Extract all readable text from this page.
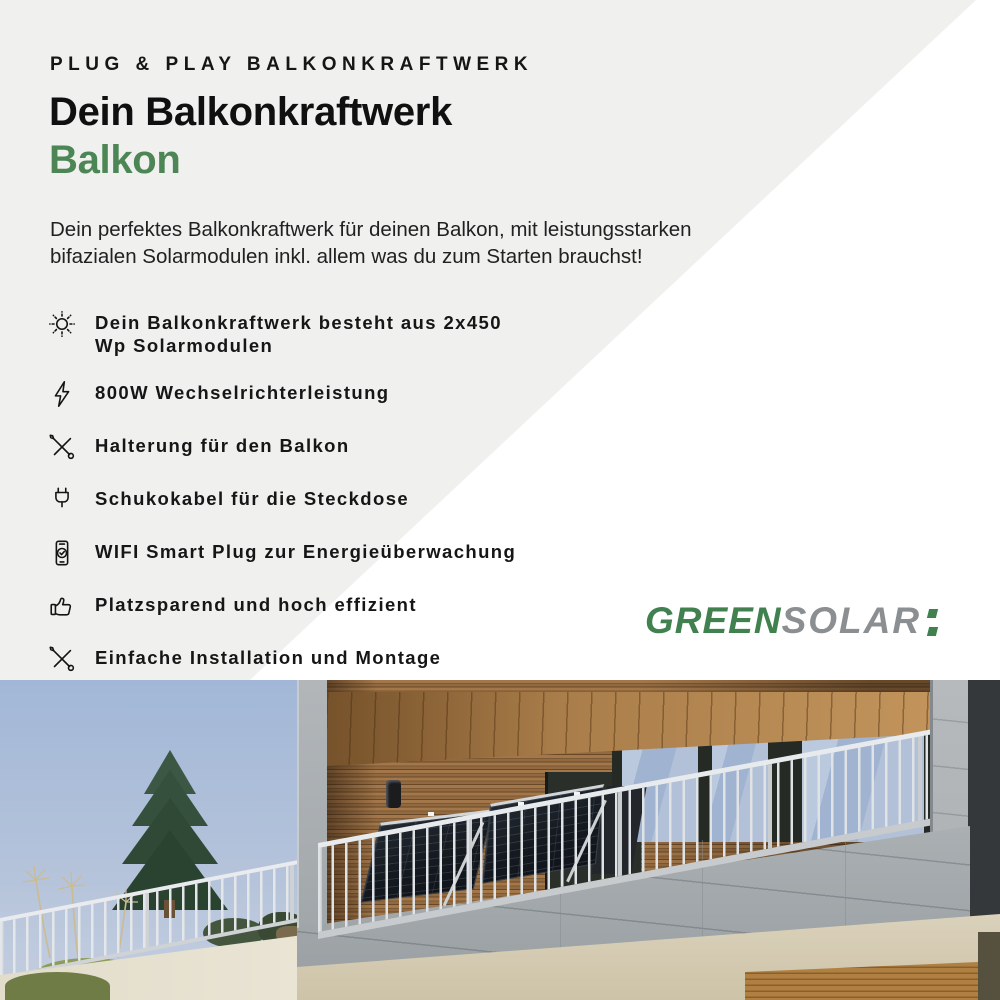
PLUG & PLAY BALKONKRAFTWERK
Dein Balkonkraftwerk
Balkon
Dein perfektes Balkonkraftwerk für deinen Balkon, mit leistungsstarken bifazialen Solarmodulen inkl. allem was du zum Starten brauchst!
Dein Balkonkraftwerk besteht aus 2x450 Wp Solarmodulen
800W Wechselrichterleistung
Halterung für den Balkon
Schukokabel für die Steckdose
WIFI Smart Plug zur Energieüberwachung
Platzsparend und hoch effizient
Einfache Installation und Montage
GREEN SOLAR
